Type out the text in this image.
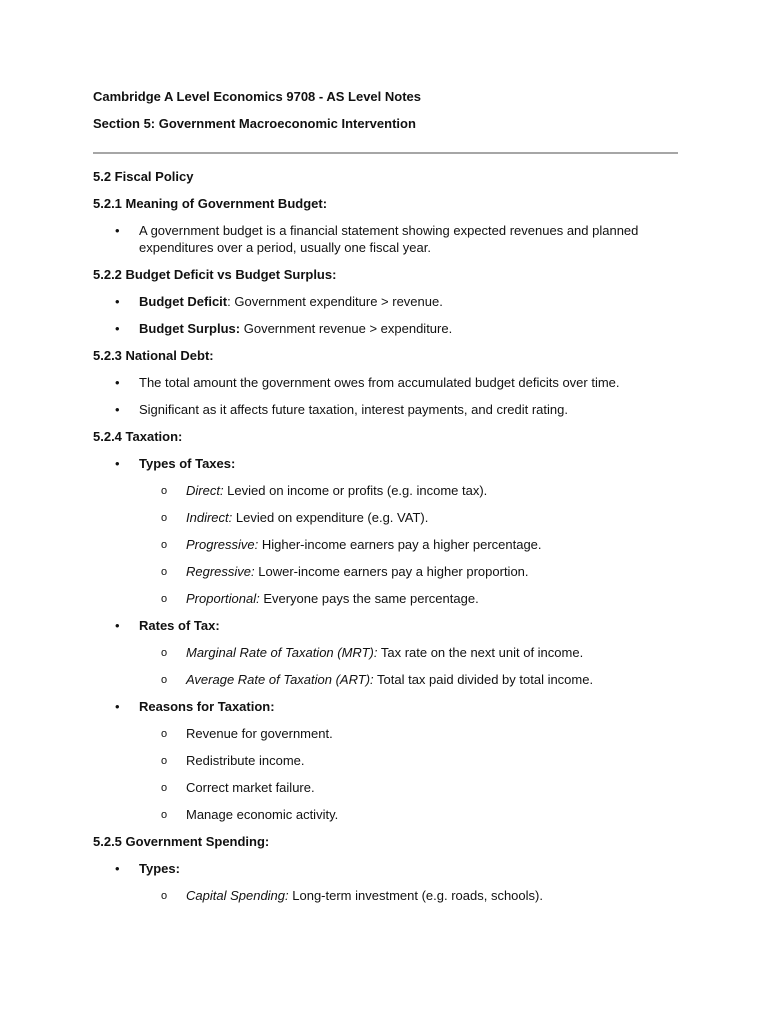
Cambridge A Level Economics 9708 - AS Level Notes

Section 5: Government Macroeconomic Intervention

5.2 Fiscal Policy

5.2.1 Meaning of Government Budget:

• A government budget is a financial statement showing expected revenues and planned expenditures over a period, usually one fiscal year.

5.2.2 Budget Deficit vs Budget Surplus:

• Budget Deficit: Government expenditure > revenue.
• Budget Surplus: Government revenue > expenditure.

5.2.3 National Debt:

• The total amount the government owes from accumulated budget deficits over time.
• Significant as it affects future taxation, interest payments, and credit rating.

5.2.4 Taxation:

• Types of Taxes:
o Direct: Levied on income or profits (e.g. income tax).
o Indirect: Levied on expenditure (e.g. VAT).
o Progressive: Higher-income earners pay a higher percentage.
o Regressive: Lower-income earners pay a higher proportion.
o Proportional: Everyone pays the same percentage.
• Rates of Tax:
o Marginal Rate of Taxation (MRT): Tax rate on the next unit of income.
o Average Rate of Taxation (ART): Total tax paid divided by total income.
• Reasons for Taxation:
o Revenue for government.
o Redistribute income.
o Correct market failure.
o Manage economic activity.

5.2.5 Government Spending:

• Types:
o Capital Spending: Long-term investment (e.g. roads, schools).
